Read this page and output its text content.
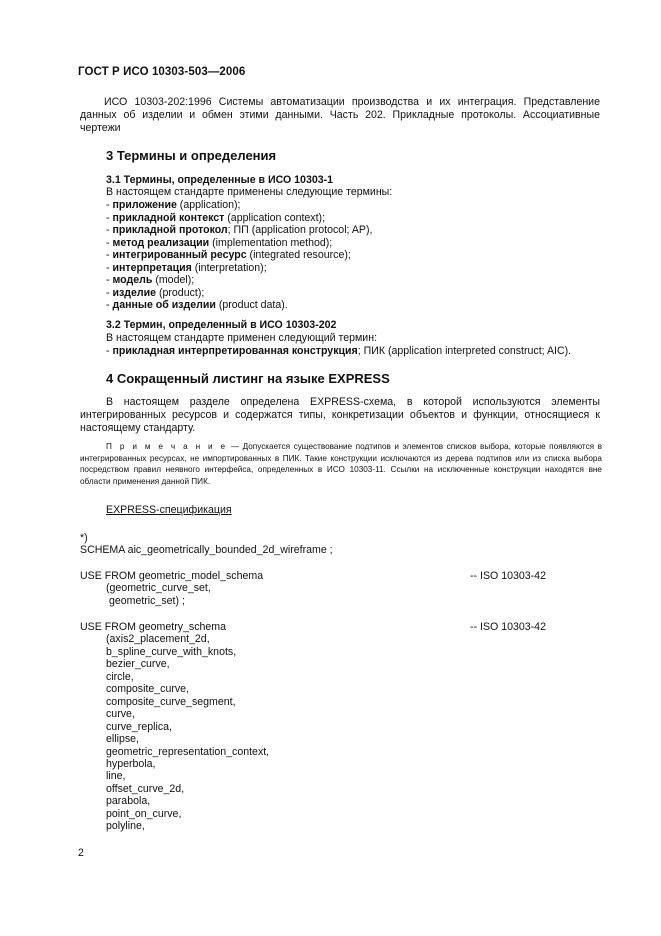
ГОСТ Р ИСО 10303-503—2006
ИСО 10303-202:1996 Системы автоматизации производства и их интеграция. Представление данных об изделии и обмен этими данными. Часть 202. Прикладные протоколы. Ассоциативные чертежи
3 Термины и определения
3.1 Термины, определенные в ИСО 10303-1
В настоящем стандарте применены следующие термины:
- приложение (application);
- прикладной контекст (application context);
- прикладной протокол; ПП (application protocol; AP),
- метод реализации (implementation method);
- интегрированный ресурс (integrated resource);
- интерпретация (interpretation);
- модель (model);
- изделие (product);
- данные об изделии (product data).
3.2 Термин, определенный в ИСО 10303-202
В настоящем стандарте применен следующий термин:
- прикладная интерпретированная конструкция; ПИК (application interpreted construct; AIC).
4 Сокращенный листинг на языке EXPRESS
В настоящем разделе определена EXPRESS-схема, в которой используются элементы интегрированных ресурсов и содержатся типы, конкретизации объектов и функции, относящиеся к настоящему стандарту.
П р и м е ч а н и е — Допускается существование подтипов и элементов списков выбора, которые появляются в интегрированных ресурсах, не импортированных в ПИК. Такие конструкции исключаются из дерева подтипов или из списка выбора посредством правил неявного интерфейса, определенных в ИСО 10303-11. Ссылки на исключенные конструкции находятся вне области применения данной ПИК.
EXPRESS-спецификация
*)
SCHEMA aic_geometrically_bounded_2d_wireframe ;
USE FROM geometric_model_schema
(geometric_curve_set,
geometric_set) ;
-- ISO 10303-42
USE FROM geometry_schema
(axis2_placement_2d,
b_spline_curve_with_knots,
bezier_curve,
circle,
composite_curve,
composite_curve_segment,
curve,
curve_replica,
ellipse,
geometric_representation_context,
hyperbola,
line,
offset_curve_2d,
parabola,
point_on_curve,
polyline,
-- ISO 10303-42
2
